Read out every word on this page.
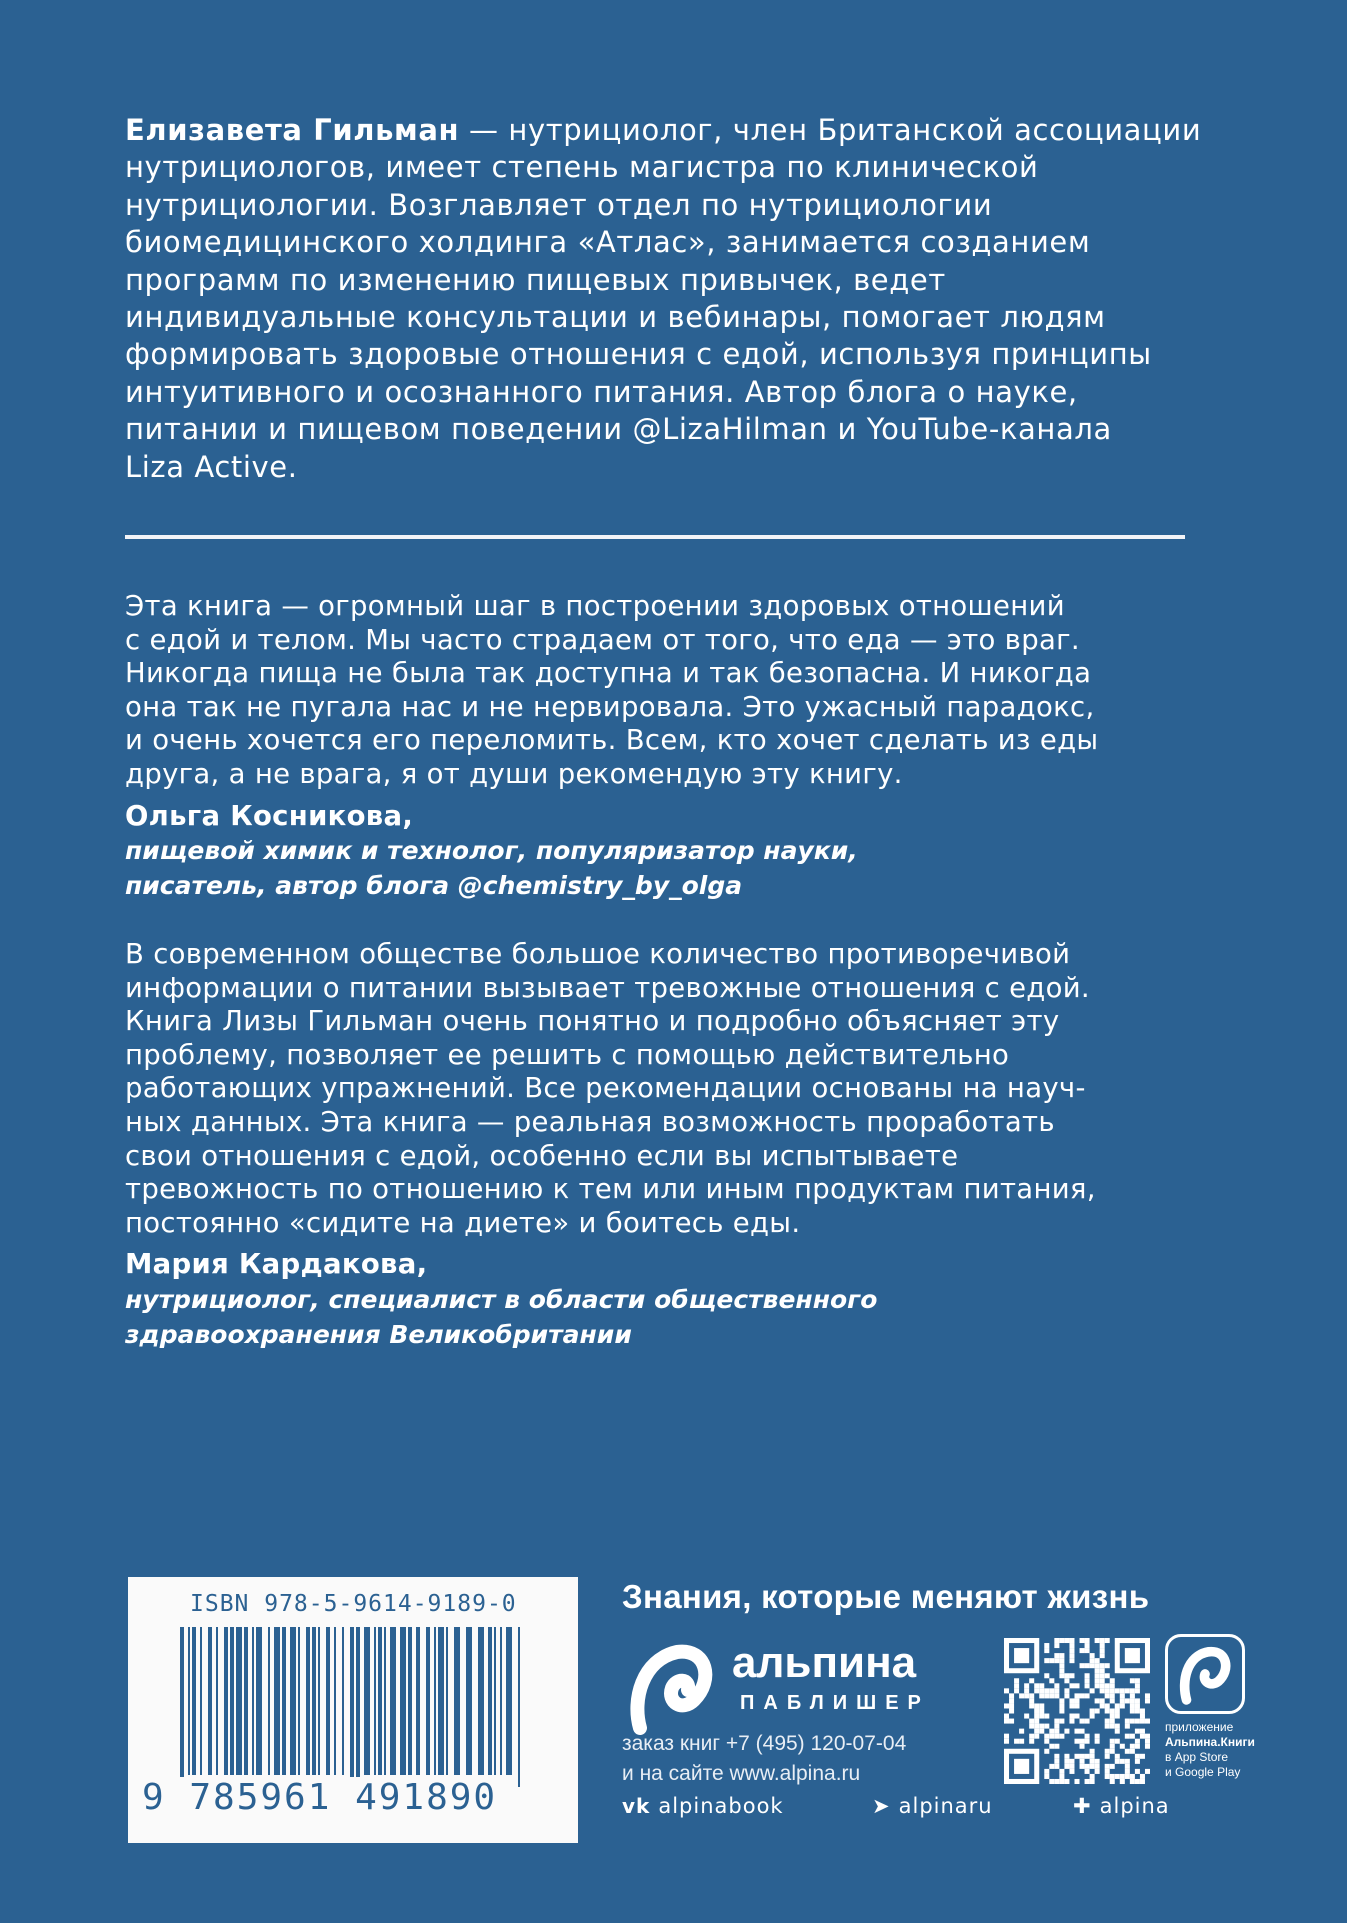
Елизавета Гильман — нутрициолог, член Британской ассоциации
нутрициологов, имеет степень магистра по клинической
нутрициологии. Возглавляет отдел по нутрициологии
биомедицинского холдинга «Атлас», занимается созданием
программ по изменению пищевых привычек, ведет
индивидуальные консультации и вебинары, помогает людям
формировать здоровые отношения с едой, используя принципы
интуитивного и осознанного питания. Автор блога о науке,
питании и пищевом поведении @LizaHilman и YouTube-канала
Liza Active.
Эта книга — огромный шаг в построении здоровых отношений
с едой и телом. Мы часто страдаем от того, что еда — это враг.
Никогда пища не была так доступна и так безопасна. И никогда
она так не пугала нас и не нервировала. Это ужасный парадокс,
и очень хочется его переломить. Всем, кто хочет сделать из еды
друга, а не врага, я от души рекомендую эту книгу.
Ольга Косникова,
пищевой химик и технолог, популяризатор науки,
писатель, автор блога @chemistry_by_olga
В современном обществе большое количество противоречивой
информации о питании вызывает тревожные отношения с едой.
Книга Лизы Гильман очень понятно и подробно объясняет эту
проблему, позволяет ее решить с помощью действительно
работающих упражнений. Все рекомендации основаны на науч-
ных данных. Эта книга — реальная возможность проработать
свои отношения с едой, особенно если вы испытываете
тревожность по отношению к тем или иным продуктам питания,
постоянно «сидите на диете» и боитесь еды.
Мария Кардакова,
нутрициолог, специалист в области общественного
здравоохранения Великобритании
ISBN 978-5-9614-9189-0
9 785961 491890
Знания, которые меняют жизнь
альпина
ПАБЛИШЕР
заказ книг +7 (495) 120-07-04
и на сайте www.alpina.ru
vk alpinabook	➤ alpinaru	✚ alpina
приложение
Альпина.Книги
в App Store
и Google Play
